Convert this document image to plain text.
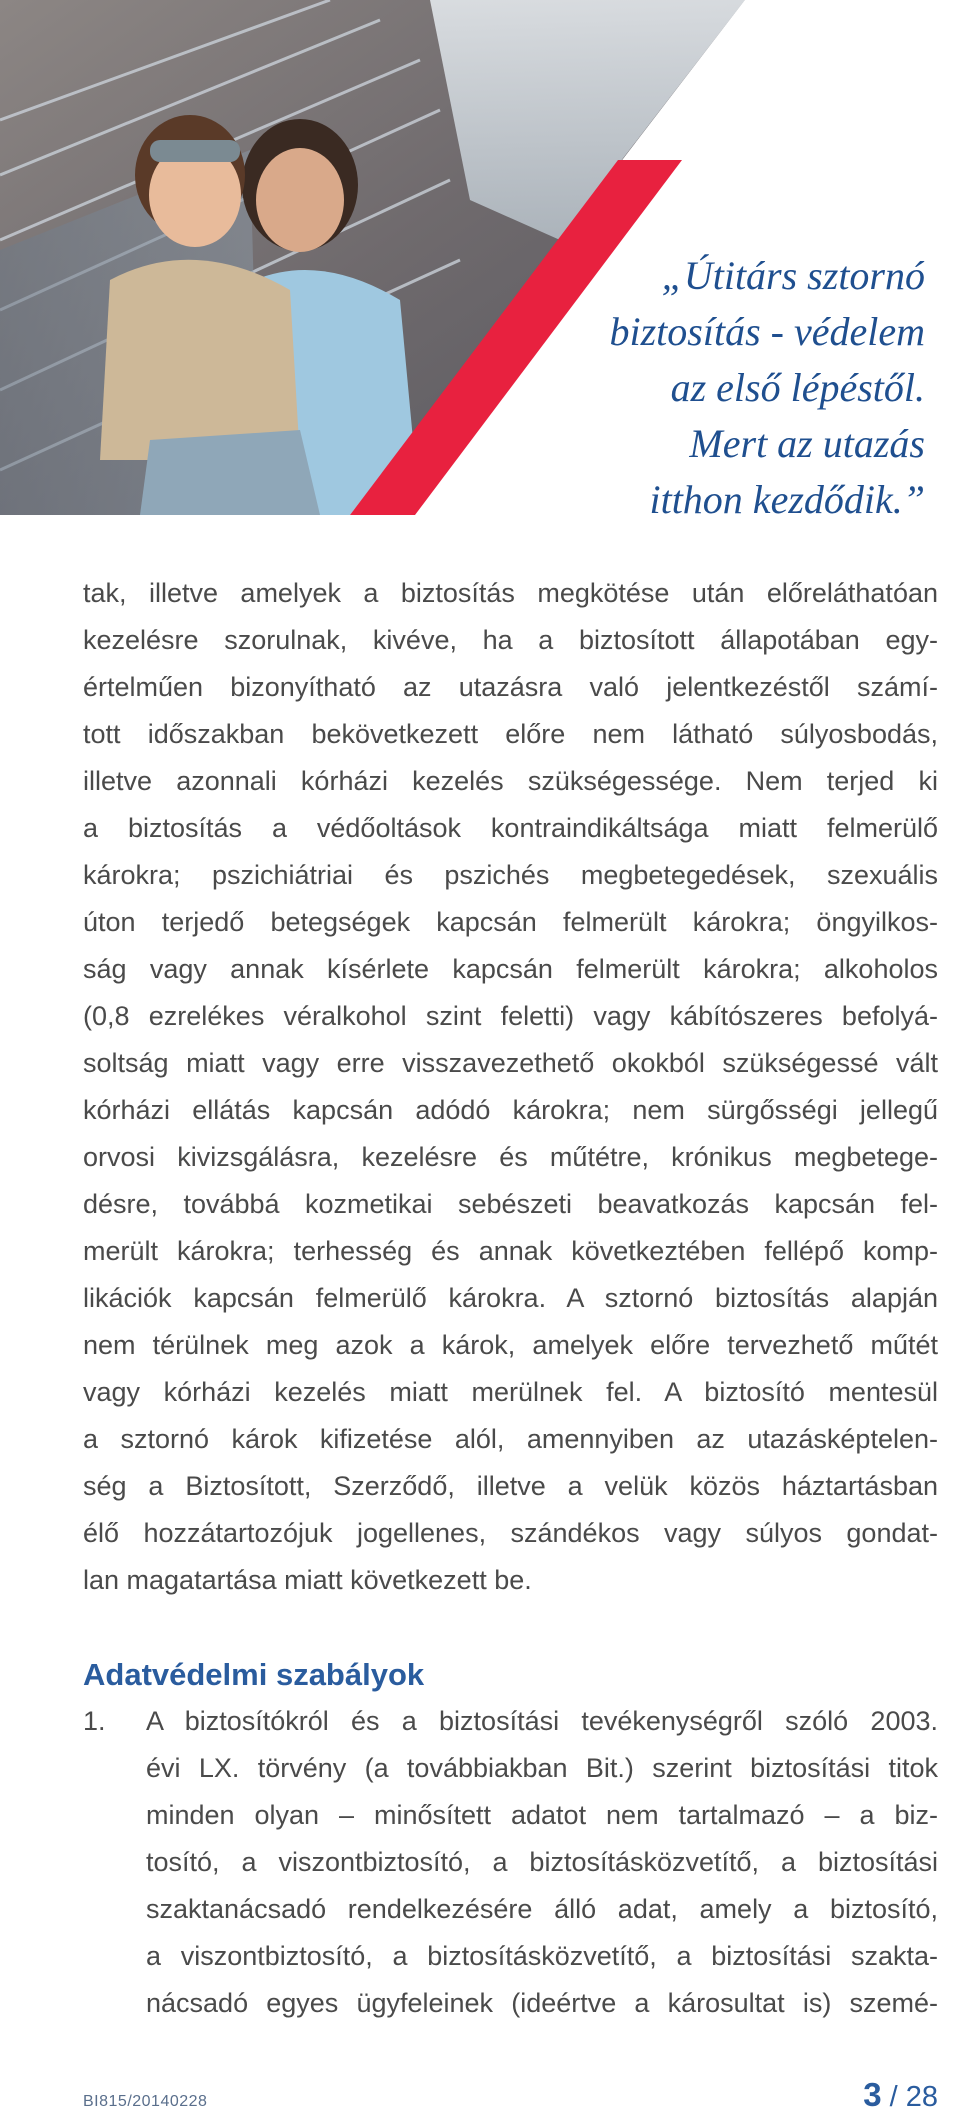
„Útitárs sztornó
biztosítás - védelem
az első lépéstől.
Mert az utazás
itthon kezdődik.”

tak, illetve amelyek a biztosítás megkötése után előreláthatóan
kezelésre szorulnak, kivéve, ha a biztosított állapotában egy-
értelműen bizonyítható az utazásra való jelentkezéstől számí-
tott időszakban bekövetkezett előre nem látható súlyosbodás,
illetve azonnali kórházi kezelés szükségessége. Nem terjed ki
a biztosítás a védőoltások kontraindikáltsága miatt felmerülő
károkra; pszichiátriai és pszichés megbetegedések, szexuális
úton terjedő betegségek kapcsán felmerült károkra; öngyilkos-
ság vagy annak kísérlete kapcsán felmerült károkra; alkoholos
(0,8 ezrelékes véralkohol szint feletti) vagy kábítószeres befolyá-
soltság miatt vagy erre visszavezethető okokból szükségessé vált
kórházi ellátás kapcsán adódó károkra; nem sürgősségi jellegű
orvosi kivizsgálásra, kezelésre és műtétre, krónikus megbetege-
désre, továbbá kozmetikai sebészeti beavatkozás kapcsán fel-
merült károkra; terhesség és annak következtében fellépő komp-
likációk kapcsán felmerülő károkra. A sztornó biztosítás alapján
nem térülnek meg azok a károk, amelyek előre tervezhető műtét
vagy kórházi kezelés miatt merülnek fel. A biztosító mentesül
a sztornó károk kifizetése alól, amennyiben az utazásképtelen-
ség a Biztosított, Szerződő, illetve a velük közös háztartásban
élő hozzátartozójuk jogellenes, szándékos vagy súlyos gondat-
lan magatartása miatt következett be.
Adatvédelmi szabályok
1. A biztosítókról és a biztosítási tevékenységről szóló 2003.
évi LX. törvény (a továbbiakban Bit.) szerint biztosítási titok
minden olyan – minősített adatot nem tartalmazó – a biz-
tosító, a viszontbiztosító, a biztosításközvetítő, a biztosítási
szaktanácsadó rendelkezésére álló adat, amely a biztosító,
a viszontbiztosító, a biztosításközvetítő, a biztosítási szakta-
nácsadó egyes ügyfeleinek (ideértve a károsultat is) szemé-
BI815/20140228	3 / 28
